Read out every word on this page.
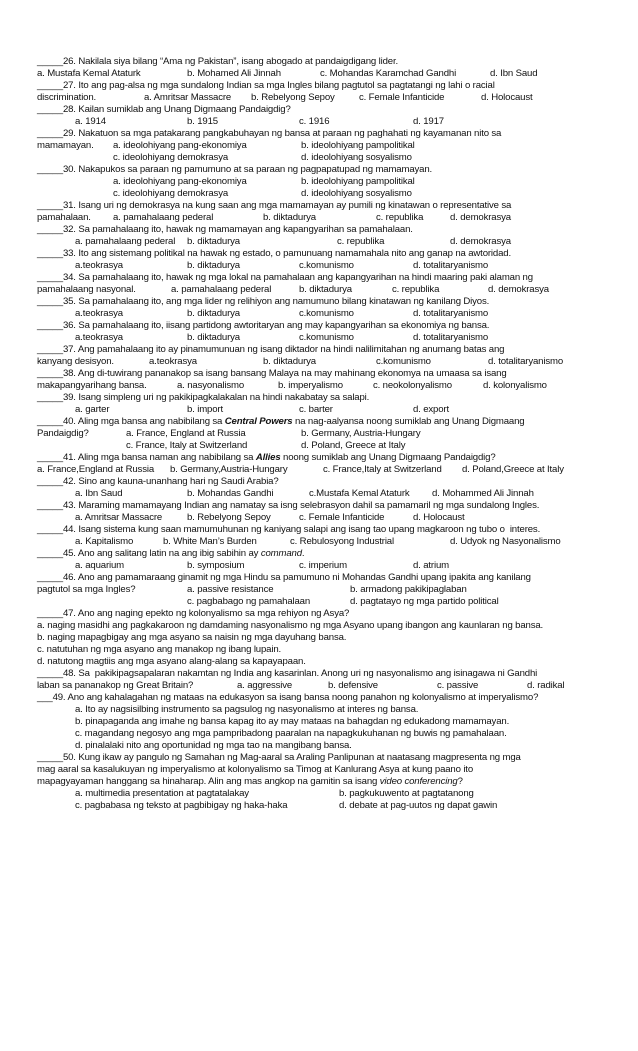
_____ 26. Nakilala siya bilang “Ama ng Pakistan”, isang abogado at pandaigdigang lider.
a. Mustafa Kemal Ataturk	b. Mohamed Ali Jinnah	c. Mohandas Karamchad Gandhi	d. Ibn Saud
_____ 27. Ito ang pag-alsa ng mga sundalong Indian sa mga Ingles bilang pagtutol sa pagtatangi ng lahi o racial
discrimination.	a. Amritsar Massacre b. Rebelyong Sepoy	c. Female Infanticide	d. Holocaust
_____ 28. Kailan sumiklab ang Unang Digmaang Pandaigdig?
a. 1914	b. 1915	c. 1916	d. 1917
_____ 29. Nakatuon sa mga patakarang pangkabuhayan ng bansa at paraan ng paghahati ng kayamanan nito sa
mamamayan. a. ideolohiyang pang-ekonomiya	b. ideolohiyang pampolitikal
c. ideolohiyang demokrasya	d. ideolohiyang sosyalismo
_____ 30. Nakapukos sa paraan ng pamumuno at sa paraan ng pagpapatupad ng mamamayan.
a. ideolohiyang pang-ekonomiya	b. ideolohiyang pampolitikal
c. ideolohiyang demokrasya	d. ideolohiyang sosyalismo
_____ 31. Isang uri ng demokrasya na kung saan ang mga mamamayan ay pumili ng kinatawan o representative sa
pamahalaan. a. pamahalaang pederal	b. diktadurya	c. republika	d. demokrasya
_____ 32. Sa pamahalaang ito, hawak ng mamamayan ang kapangyarihan sa pamahalaan.
a. pamahalaang pederal b. diktadurya	c. republika	d. demokrasya
_____ 33. Ito ang sistemang politikal na hawak ng estado, o pamunuang namamahala nito ang ganap na awtoridad.
a.teokrasya	b. diktadurya	c.komunismo	d. totalitaryanismo
_____ 34. Sa pamahalaang ito, hawak ng mga lokal na pamahalaan ang kapangyarihan na hindi maaring paki alaman ng
pamahalaang nasyonal.	a. pamahalaang pederal	b. diktadurya	c. republika	d. demokrasya
_____ 35. Sa pamahalaang ito, ang mga lider ng relihiyon ang namumuno bilang kinatawan ng kanilang Diyos.
a.teokrasya	b. diktadurya	c.komunismo	d. totalitaryanismo
_____ 36. Sa pamahalaang ito, iisang partidong awtoritaryan ang may kapangyarihan sa ekonomiya ng bansa.
a.teokrasya	b. diktadurya	c.komunismo	d. totalitaryanismo
_____ 37. Ang pamahalaang ito ay pinamumunuan ng isang diktador na hindi nalilimitahan ng anumang batas ang
kanyang desisyon.	a.teokrasya	b. diktadurya	c.komunismo	d. totalitaryanismo
_____ 38. Ang di-tuwirang pananakop sa isang bansang Malaya na may mahinang ekonomya na umaasa sa isang
makapangyarihang bansa.	a. nasyonalismo	b. imperyalismo	c. neokolonyalismo	d. kolonyalismo
_____ 39. Isang simpleng uri ng pakikipagkalakalan na hindi nakabatay sa salapi.
a. garter	b. import	c. barter	d. export
_____ 40. Aling mga bansa ang nabibilang sa Central Powers na nag-aalyansa noong sumiklab ang Unang Digmaang
Pandaigdig?	a. France, England at Russia	b. Germany, Austria-Hungary
c. France, Italy at Switzerland	d. Poland, Greece at Italy
_____ 41. Aling mga bansa naman ang nabibilang sa Allies noong sumiklab ang Unang Digmaang Pandaigdig?
a. France,England at Russia b. Germany,Austria-Hungary	c. France,Italy at Switzerland d. Poland,Greece at Italy
_____ 42. Sino ang kauna-unanhang hari ng Saudi Arabia?
a. Ibn Saud	b. Mohandas Gandhi	c.Mustafa Kemal Ataturk d. Mohammed Ali Jinnah
_____ 43. Maraming mamamayang Indian ang namatay sa isng selebrasyon dahil sa pamamaril ng mga sundalong Ingles.
a. Amritsar Massacre	b. Rebelyong Sepoy	c. Female Infanticide	d. Holocaust
_____ 44. Isang sistema kung saan mamumuhunan ng kaniyang salapi ang isang tao upang magkaroon ng tubo o  interes.
a. Kapitalismo	b. White Man’s Burden	c. Rebulosyong Industrial	d. Udyok ng Nasyonalismo
_____ 45. Ano ang salitang latin na ang ibig sabihin ay command.
a. aquarium	b. symposium	c. imperium	d. atrium
_____ 46. Ano ang pamamaraang ginamit ng mga Hindu sa pamumuno ni Mohandas Gandhi upang ipakita ang kanilang
pagtutol sa mga Ingles?	a. passive resistance	b. armadong pakikipaglaban
c. pagbabago ng pamahalaan	d. pagtatayo ng mga partido political
_____ 47. Ano ang naging epekto ng kolonyalismo sa mga rehiyon ng Asya?
a. naging masidhi ang pagkakaroon ng damdaming nasyonalismo ng mga Asyano upang ibangon ang kaunlaran ng bansa.
b. naging mapagbigay ang mga asyano sa naisin ng mga dayuhang bansa.
c. natutuhan ng mga asyano ang manakop ng ibang lupain.
d. natutong magtiis ang mga asyano alang-alang sa kapayapaan.
_____ 48. Sa  pakikipagsapalaran nakamtan ng India ang kasarinlan. Anong uri ng nasyonalismo ang isinagawa ni Gandhi
laban sa pananakop ng Great Britain?	a. aggressive	b. defensive	c. passive	d. radikal
___ 49. Ano ang kahalagahan ng mataas na edukasyon sa isang bansa noong panahon ng kolonyalismo at imperyalismo?
a. Ito ay nagsisilbing instrumento sa pagsulog ng nasyonalismo at interes ng bansa.
b. pinapaganda ang imahe ng bansa kapag ito ay may mataas na bahagdan ng edukadong mamamayan.
c. magandang negosyo ang mga pampribadong paaralan na napagkukuhanan ng buwis ng pamahalaan.
d. pinalalaki nito ang oportunidad ng mga tao na mangibang bansa.
_____ 50. Kung ikaw ay pangulo ng Samahan ng Mag-aaral sa Araling Panlipunan at naatasang magpresenta ng mga
mag aaral sa kasalukuyan ng imperyalismo at kolonyalismo sa Timog at Kanlurang Asya at kung paano ito
mapagyayaman hanggang sa hinaharap. Alin ang mas angkop na gamitin sa isang video conferencing?
a. multimedia presentation at pagtatalakay	b. pagkukuwento at pagtatanong
c. pagbabasa ng teksto at pagbibigay ng haka-haka	d. debate at pag-uutos ng dapat gawin
